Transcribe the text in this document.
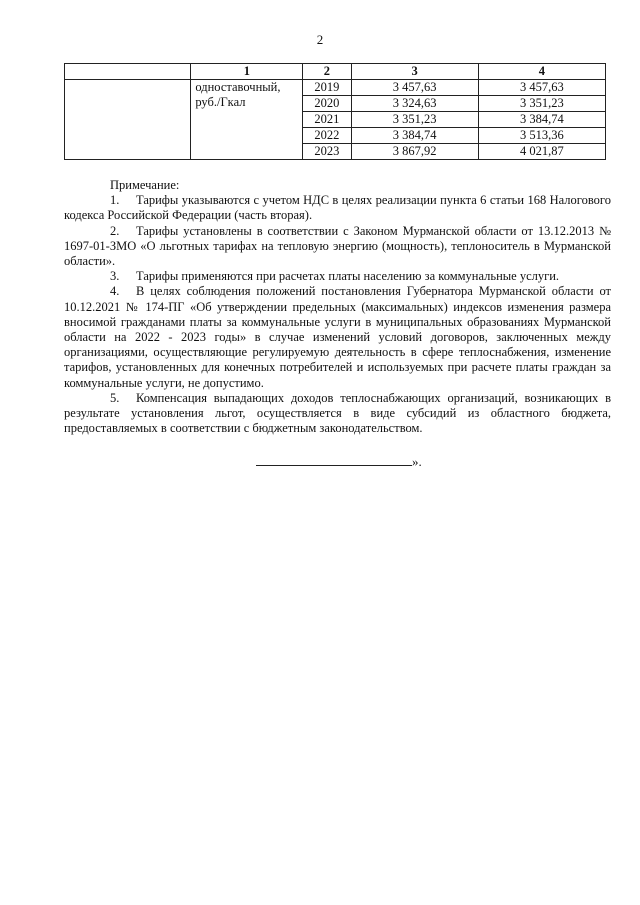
2
	1	2	3	4
	одноставочный, руб./Гкал	2019	3 457,63	3 457,63
		2020	3 324,63	3 351,23
		2021	3 351,23	3 384,74
		2022	3 384,74	3 513,36
		2023	3 867,92	4 021,87

Примечание:

1. Тарифы указываются с учетом НДС в целях реализации пункта 6 статьи 168 Налогового кодекса Российской Федерации (часть вторая).

2. Тарифы установлены в соответствии с Законом Мурманской области от 13.12.2013 № 1697-01-ЗМО «О льготных тарифах на тепловую энергию (мощность), теплоноситель в Мурманской области».

3. Тарифы применяются при расчетах платы населению за коммунальные услуги.

4. В целях соблюдения положений постановления Губернатора Мурманской области от 10.12.2021 № 174-ПГ «Об утверждении предельных (максимальных) индексов изменения размера вносимой гражданами платы за коммунальные услуги в муниципальных образованиях Мурманской области на 2022 - 2023 годы» в случае изменений условий договоров, заключенных между организациями, осуществляющие регулируемую деятельность в сфере теплоснабжения, изменение тарифов, установленных для конечных потребителей и используемых при расчете платы граждан за коммунальные услуги, не допустимо.

5. Компенсация выпадающих доходов теплоснабжающих организаций, возникающих в результате установления льгот, осуществляется в виде субсидий из областного бюджета, предоставляемых в соответствии с бюджетным законодательством.

».
